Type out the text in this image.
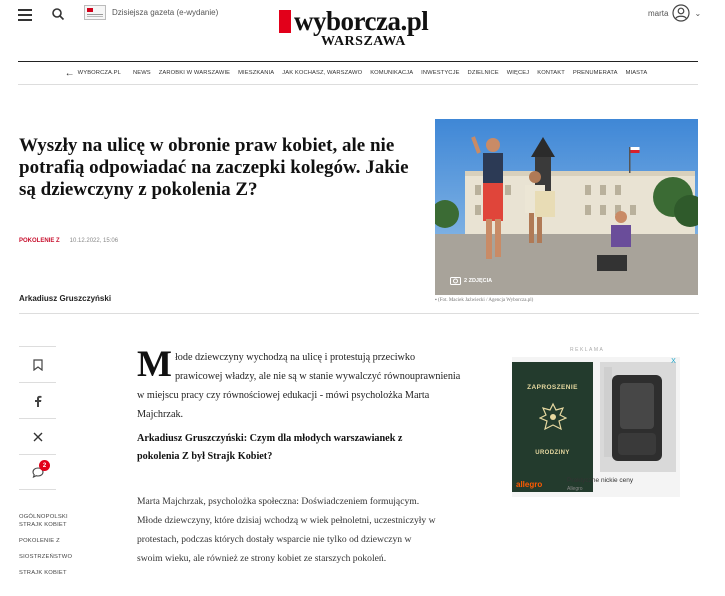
Dzisiejsza gazeta (e-wydanie)	wyborcza.pl
WARSZAWA
marta	⌄
← WYBORCZA.PL NEWS ZAROBKI W WARSZAWIE MIESZKANIA JAK KOCHASZ, WARSZAWO KOMUNIKACJA INWESTYCJE DZIELNICE WIĘCEJ KONTAKT PRENUMERATA MIASTA
Wyszły na ulicę w obronie praw kobiet, ale nie potrafią odpowiadać na zaczepki kolegów. Jakie są dziewczyny z pokolenia Z?
POKOLENIE Z 10.12.2022, 15:06
Arkadiusz Gruszczyński
2 ZDJĘCIA
▪ (Fot. Maciek Jaźwiecki / Agencja Wyborcza.pl)
2
OGÓLNOPOLSKI STRAJK KOBIET
POKOLENIE Z
SIOSTRZEŃSTWO
STRAJK KOBIET
Młode dziewczyny wychodzą na ulicę i protestują przeciwko prawicowej władzy, ale nie są w stanie wywalczyć równouprawnienia w miejscu pracy czy równościowej edukacji - mówi psycholożka Marta Majchrzak.
Arkadiusz Gruszczyński: Czym dla młodych warszawianek z pokolenia Z był Strajk Kobiet?
Marta Majchrzak, psycholożka społeczna: Doświadczeniem formującym. Młode dziewczyny, które dzisiaj wchodzą w wiek pełnoletni, uczestniczyły w protestach, podczas których dostały wsparcie nie tylko od dziewczyn w swoim wieku, ale również ze strony kobiet ze starszych pokoleń.
REKLAMA
X
ZAPROSZENIE
URODZINY
allegro	Praktyczne nickie ceny
Allegro
